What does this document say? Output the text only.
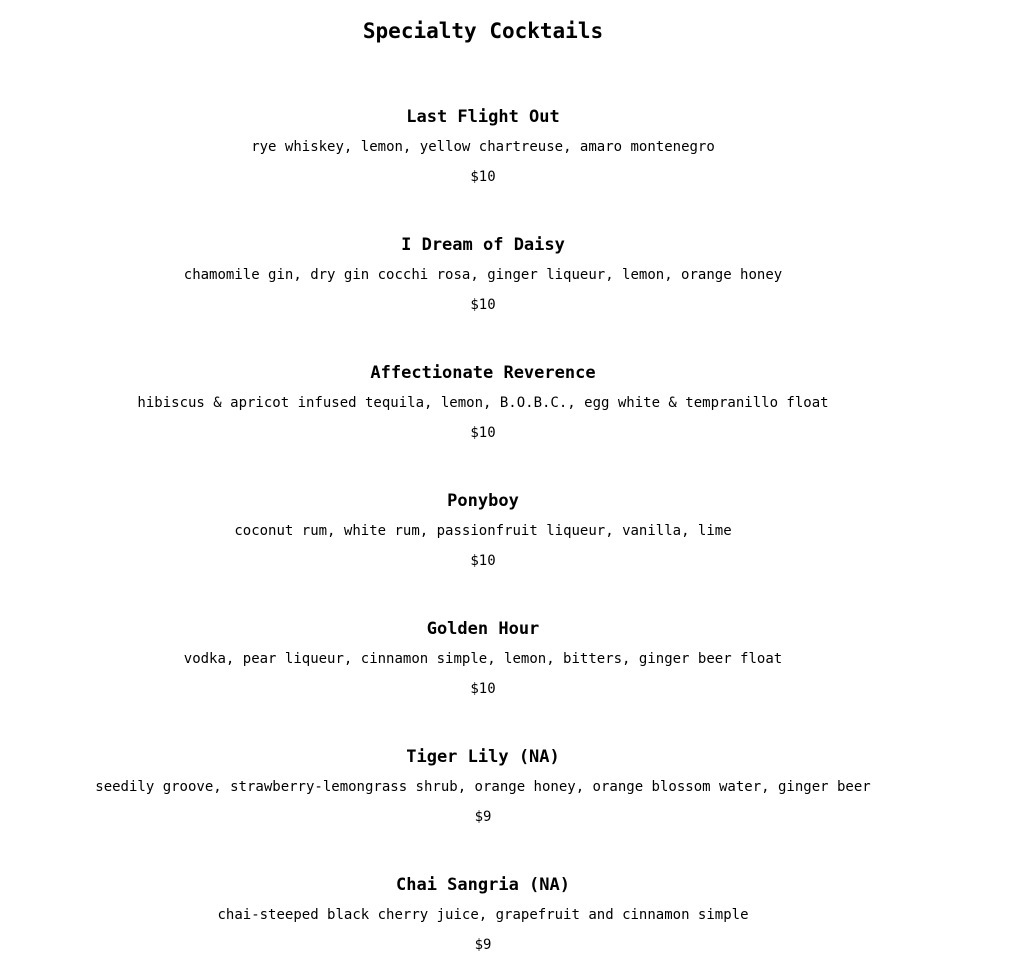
Specialty Cocktails
Last Flight Out

rye whiskey, lemon, yellow chartreuse, amaro montenegro

$10

I Dream of Daisy

chamomile gin, dry gin cocchi rosa, ginger liqueur, lemon, orange honey

$10

Affectionate Reverence

hibiscus & apricot infused tequila, lemon, B.O.B.C., egg white & tempranillo float

$10

Ponyboy

coconut rum, white rum, passionfruit liqueur, vanilla, lime

$10

Golden Hour

vodka, pear liqueur, cinnamon simple, lemon, bitters, ginger beer float

$10

Tiger Lily (NA)

seedily groove, strawberry-lemongrass shrub, orange honey, orange blossom water, ginger beer

$9

Chai Sangria (NA)

chai-steeped black cherry juice, grapefruit and cinnamon simple

$9
